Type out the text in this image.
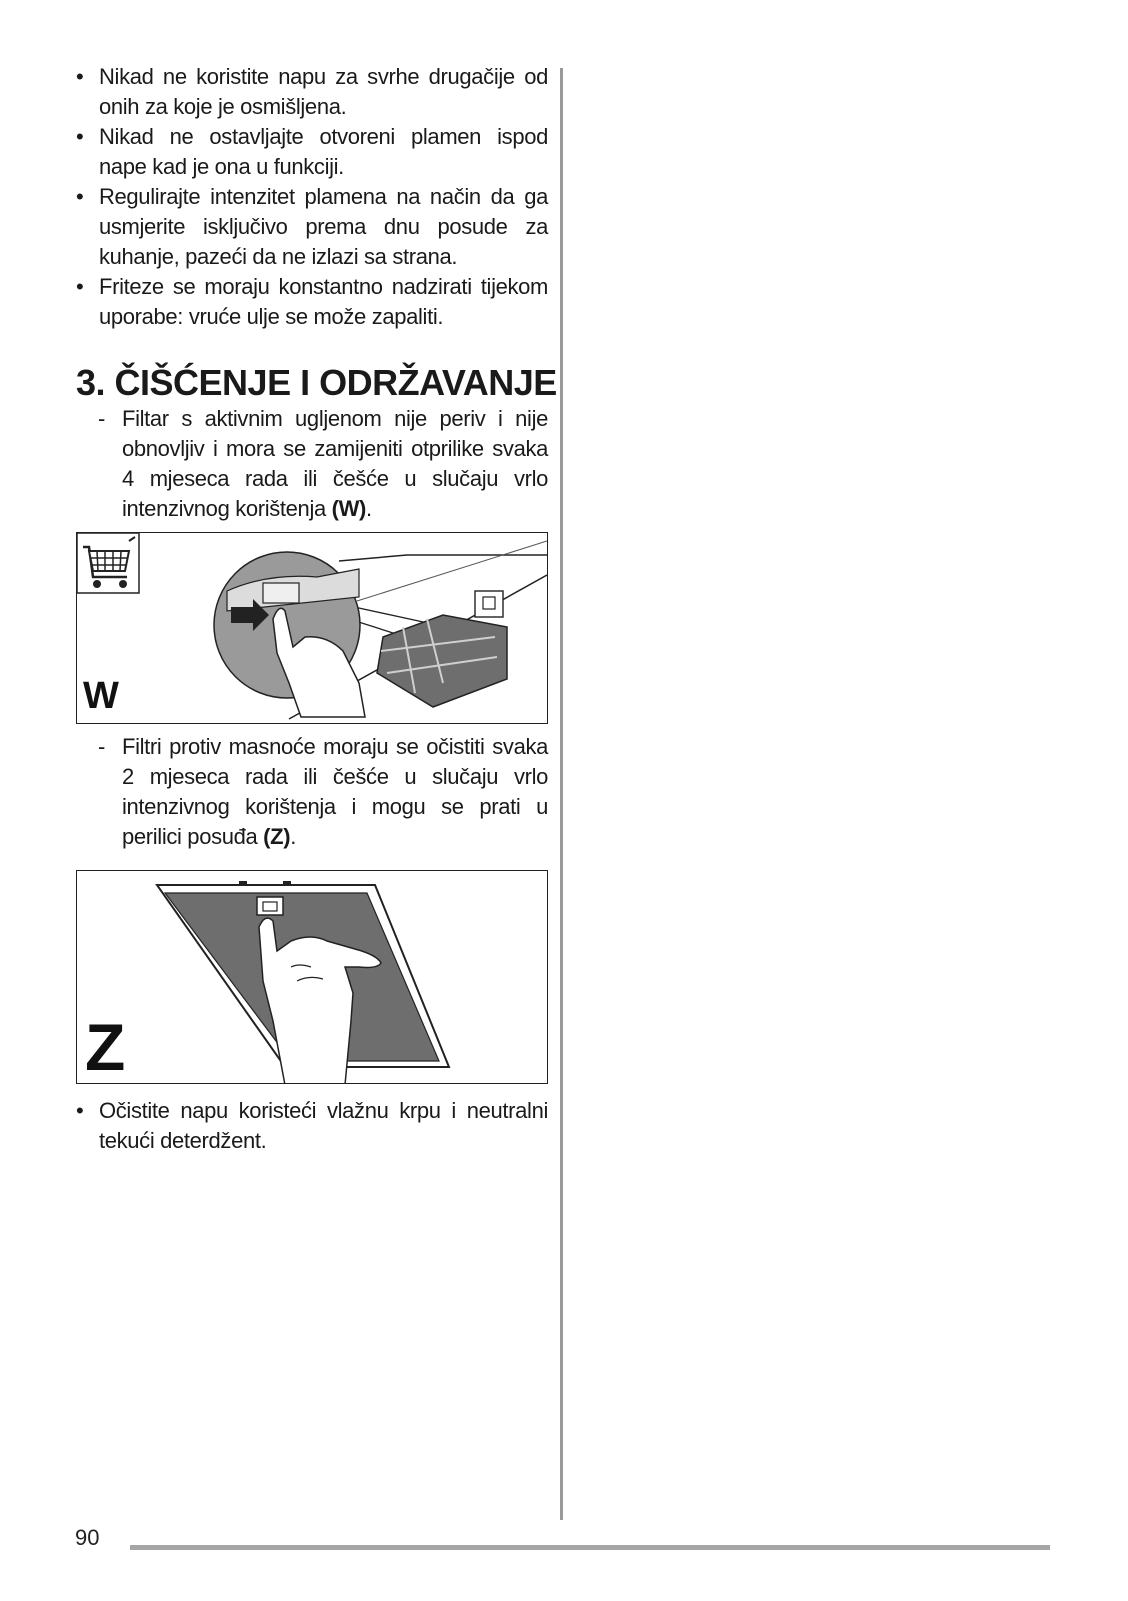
• Nikad ne koristite napu za svrhe drugačije od onih za koje je osmišljena.
• Nikad ne ostavljajte otvoreni plamen ispod nape kad je ona u funkciji.
• Regulirajte intenzitet plamena na način da ga usmjerite isključivo prema dnu posude za kuhanje, pazeći da ne izlazi sa strana.
• Friteze se moraju konstantno nadzirati tijekom uporabe: vruće ulje se može zapaliti.
3. ČIŠĆENJE I ODRŽAVANJE
- Filtar s aktivnim ugljenom nije periv i nije obnovljiv i mora se zamijeniti otprilike svaka 4 mjeseca rada ili češće u slučaju vrlo intenzivnog korištenja (W).
W
- Filtri protiv masnoće moraju se očistiti svaka 2 mjeseca rada ili češće u slučaju vrlo intenzivnog korištenja i mogu se prati u perilici posuđa (Z).
Z
• Očistite napu koristeći vlažnu krpu i neutralni tekući deterdžent.
90
